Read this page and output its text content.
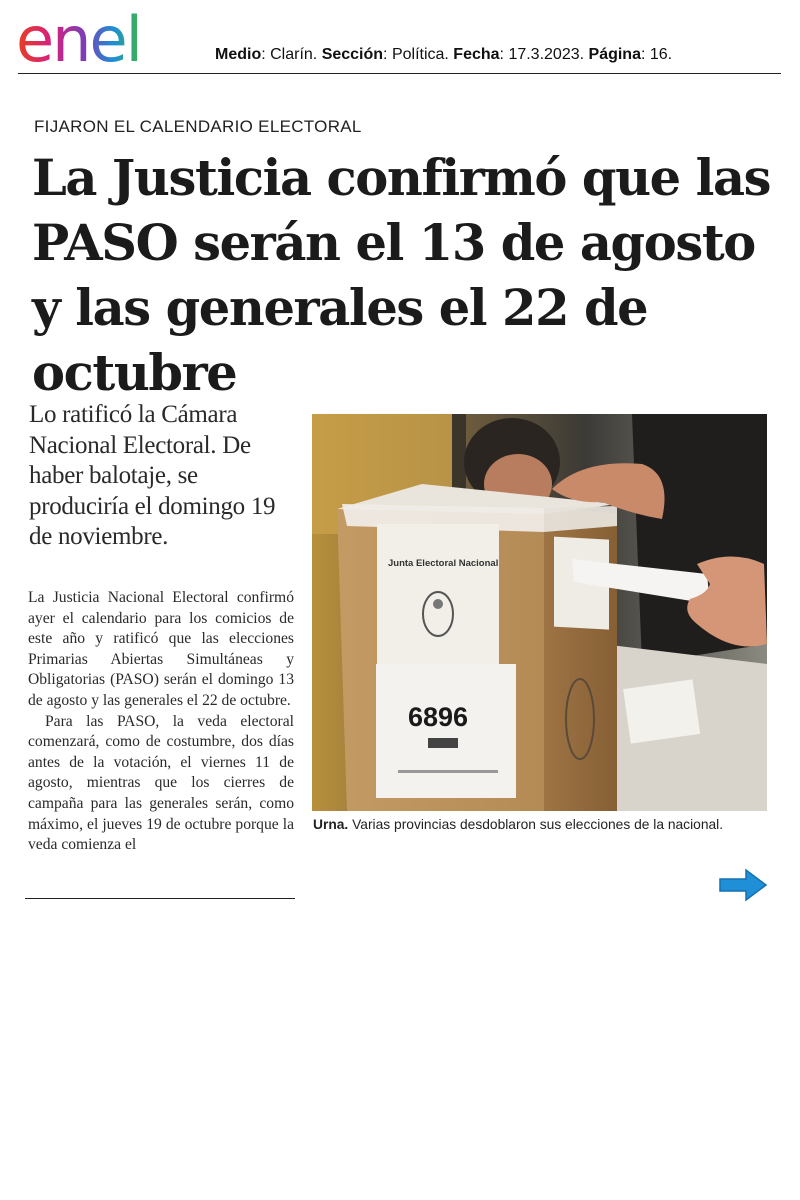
enel	Medio: Clarín. Sección: Política. Fecha: 17.3.2023. Página: 16.
FIJARON EL CALENDARIO ELECTORAL
La Justicia confirmó que las PASO serán el 13 de agosto y las generales el 22 de octubre

Lo ratificó la Cámara Nacional Electoral. De haber balotaje, se produciría el domingo 19 de noviembre.

La Justicia Nacional Electoral confirmó ayer el calendario para los comicios de este año y ratificó que las elecciones Primarias Abiertas Simultáneas y Obligatorias (PASO) serán el domingo 13 de agosto y las generales el 22 de octubre.

Para las PASO, la veda electoral comenzará, como de costumbre, dos días antes de la votación, el viernes 11 de agosto, mientras que los cierres de campaña para las generales serán, como máximo, el jueves 19 de octubre porque la veda comienza el

Junta Electoral Nacional
6896
Urna. Varias provincias desdoblaron sus elecciones de la nacional.
